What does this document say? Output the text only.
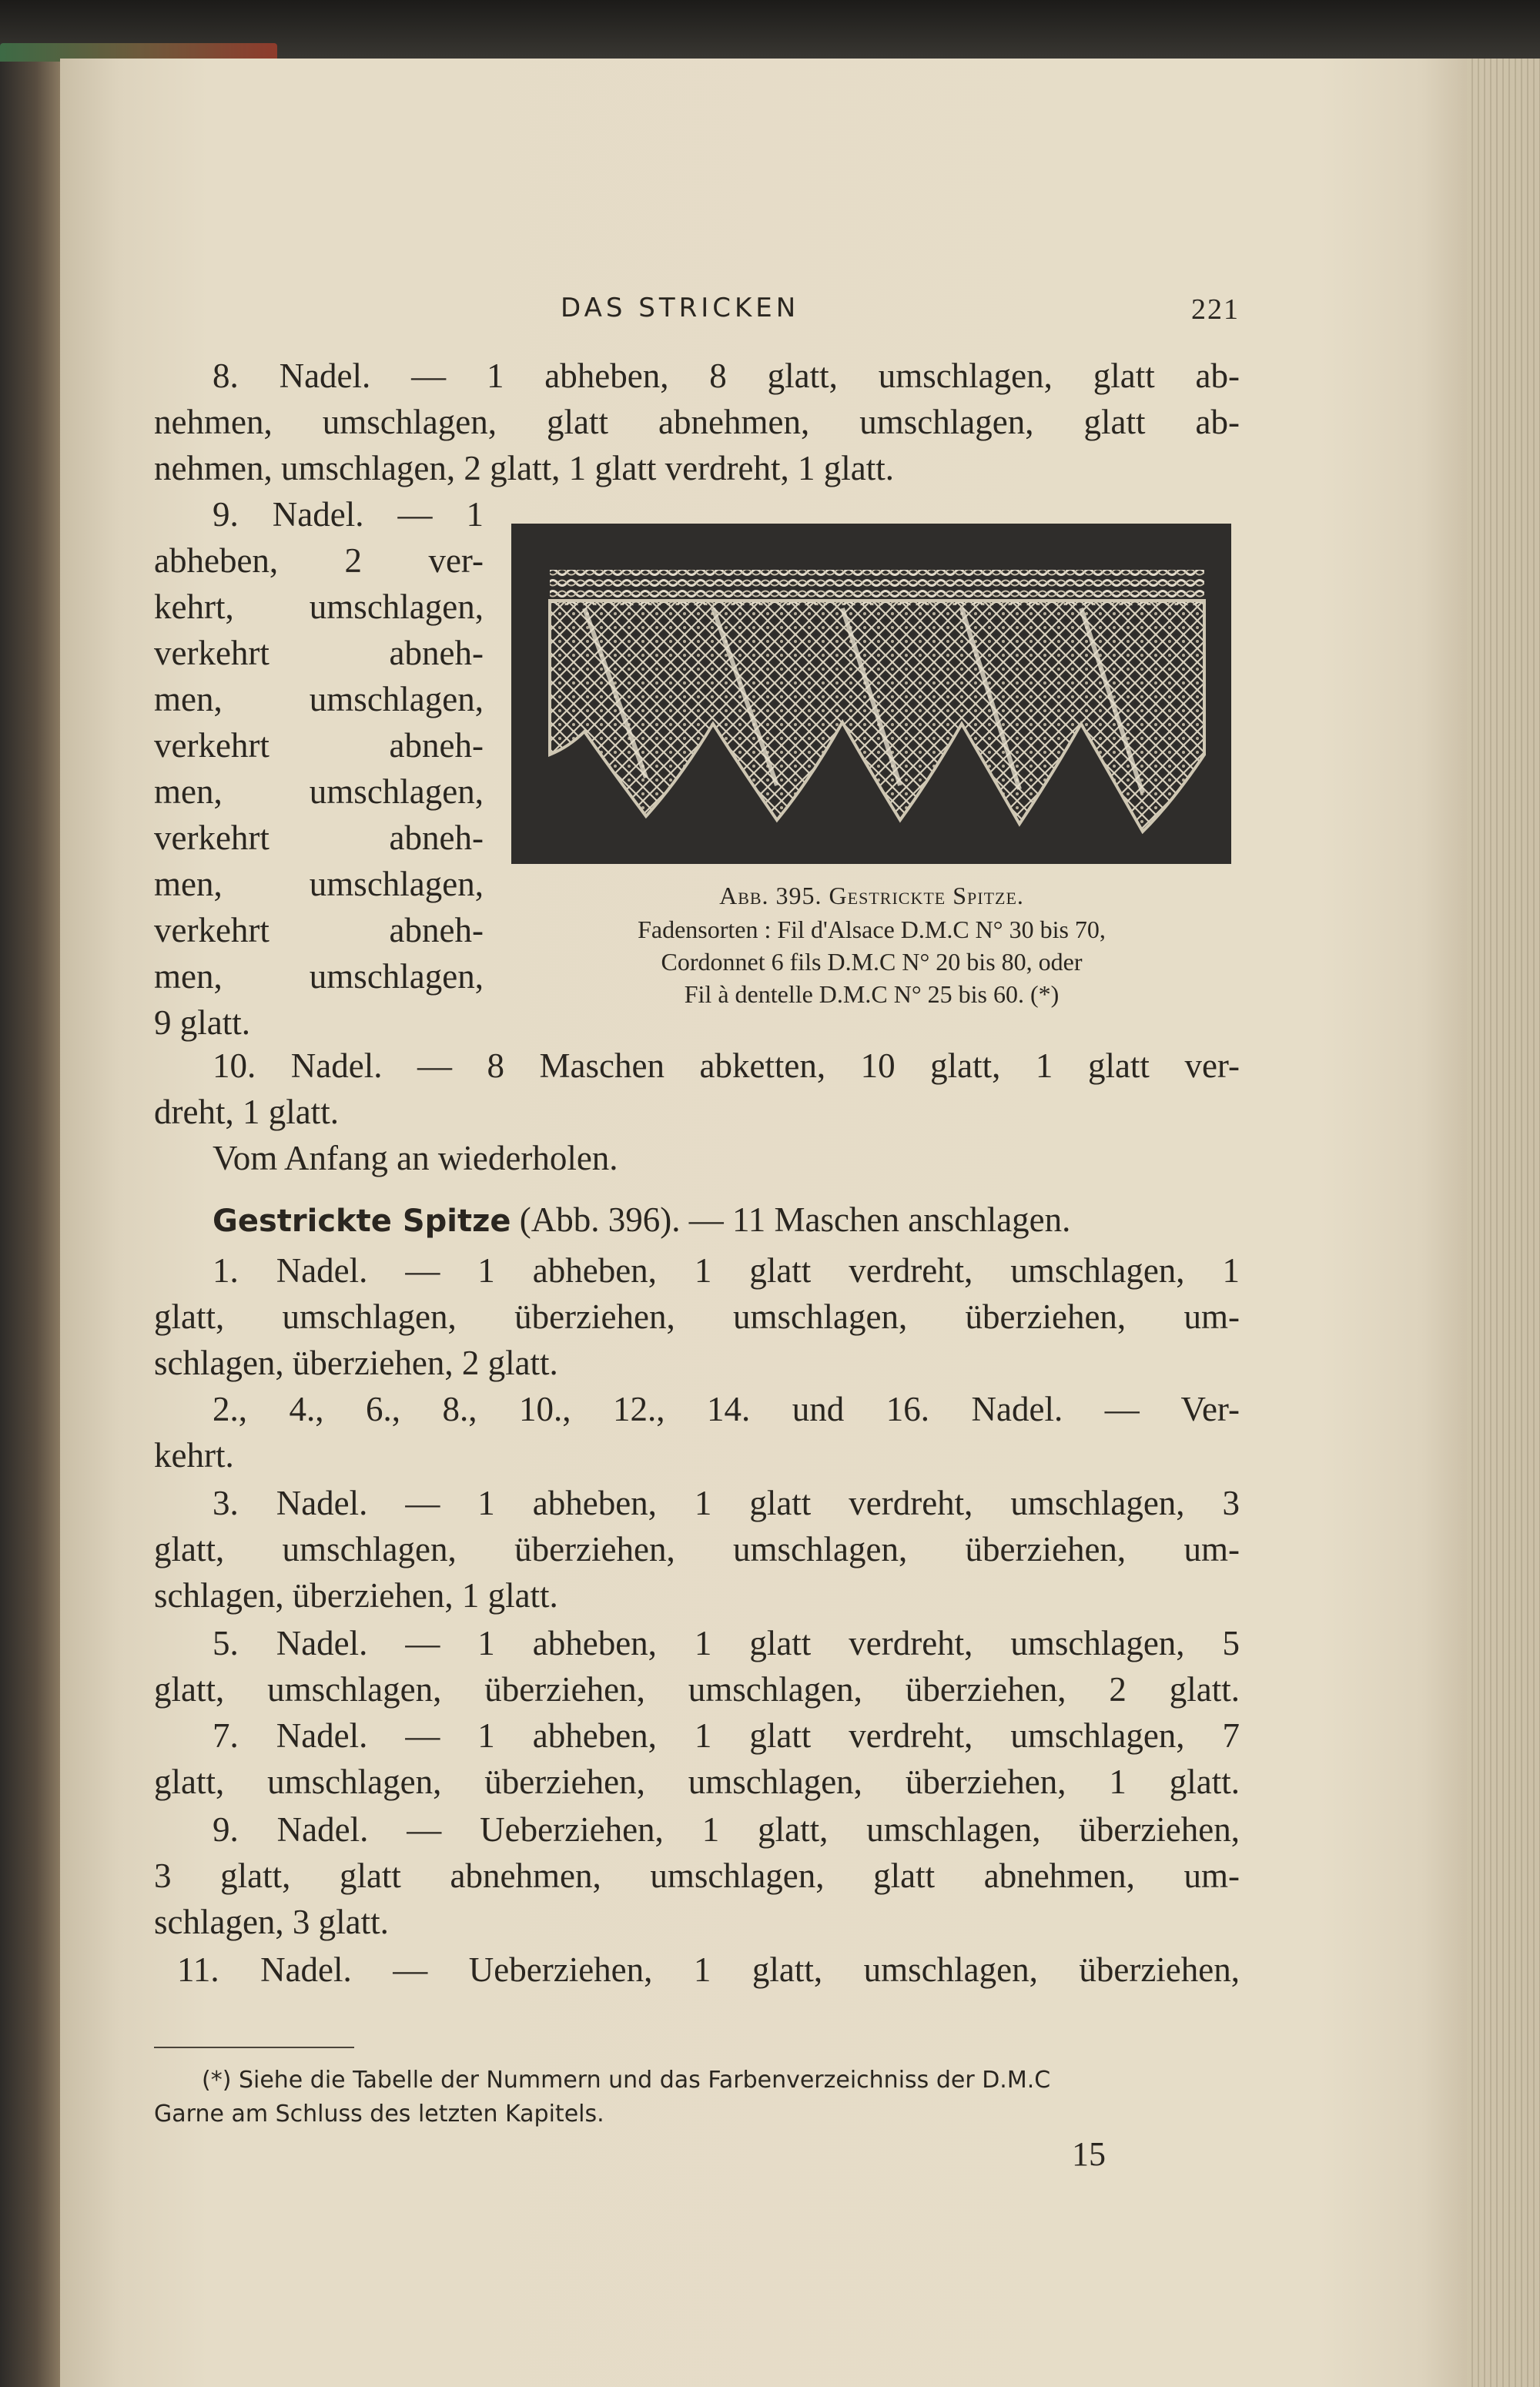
DAS STRICKEN	221
8. Nadel. — 1 abheben, 8 glatt, umschlagen, glatt ab-
nehmen, umschlagen, glatt abnehmen, umschlagen, glatt ab-
nehmen, umschlagen, 2 glatt, 1 glatt verdreht, 1 glatt.
9. Nadel. — 1
abheben, 2 ver-
kehrt, umschlagen,
verkehrt abneh-
men, umschlagen,
verkehrt abneh-
men, umschlagen,
verkehrt abneh-
men, umschlagen,
verkehrt abneh-
men, umschlagen,
9 glatt.
Abb. 395. Gestrickte Spitze.
Fadensorten : Fil d'Alsace D.M.C N° 30 bis 70,
Cordonnet 6 fils D.M.C N° 20 bis 80, oder
Fil à dentelle D.M.C N° 25 bis 60. (*)
10. Nadel. — 8 Maschen abketten, 10 glatt, 1 glatt ver-
dreht, 1 glatt.
Vom Anfang an wiederholen.
Gestrickte Spitze (Abb. 396). — 11 Maschen anschlagen.
1. Nadel. — 1 abheben, 1 glatt verdreht, umschlagen, 1
glatt, umschlagen, überziehen, umschlagen, überziehen, um-
schlagen, überziehen, 2 glatt.
2., 4., 6., 8., 10., 12., 14. und 16. Nadel. — Ver-
kehrt.
3. Nadel. — 1 abheben, 1 glatt verdreht, umschlagen, 3
glatt, umschlagen, überziehen, umschlagen, überziehen, um-
schlagen, überziehen, 1 glatt.
5. Nadel. — 1 abheben, 1 glatt verdreht, umschlagen, 5
glatt, umschlagen, überziehen, umschlagen, überziehen, 2 glatt.
7. Nadel. — 1 abheben, 1 glatt verdreht, umschlagen, 7
glatt, umschlagen, überziehen, umschlagen, überziehen, 1 glatt.
9. Nadel. — Ueberziehen, 1 glatt, umschlagen, überziehen,
3 glatt, glatt abnehmen, umschlagen, glatt abnehmen, um-
schlagen, 3 glatt.
11. Nadel. — Ueberziehen, 1 glatt, umschlagen, überziehen,
(*) Siehe die Tabelle der Nummern und das Farbenverzeichniss der D.M.C
Garne am Schluss des letzten Kapitels.
15
